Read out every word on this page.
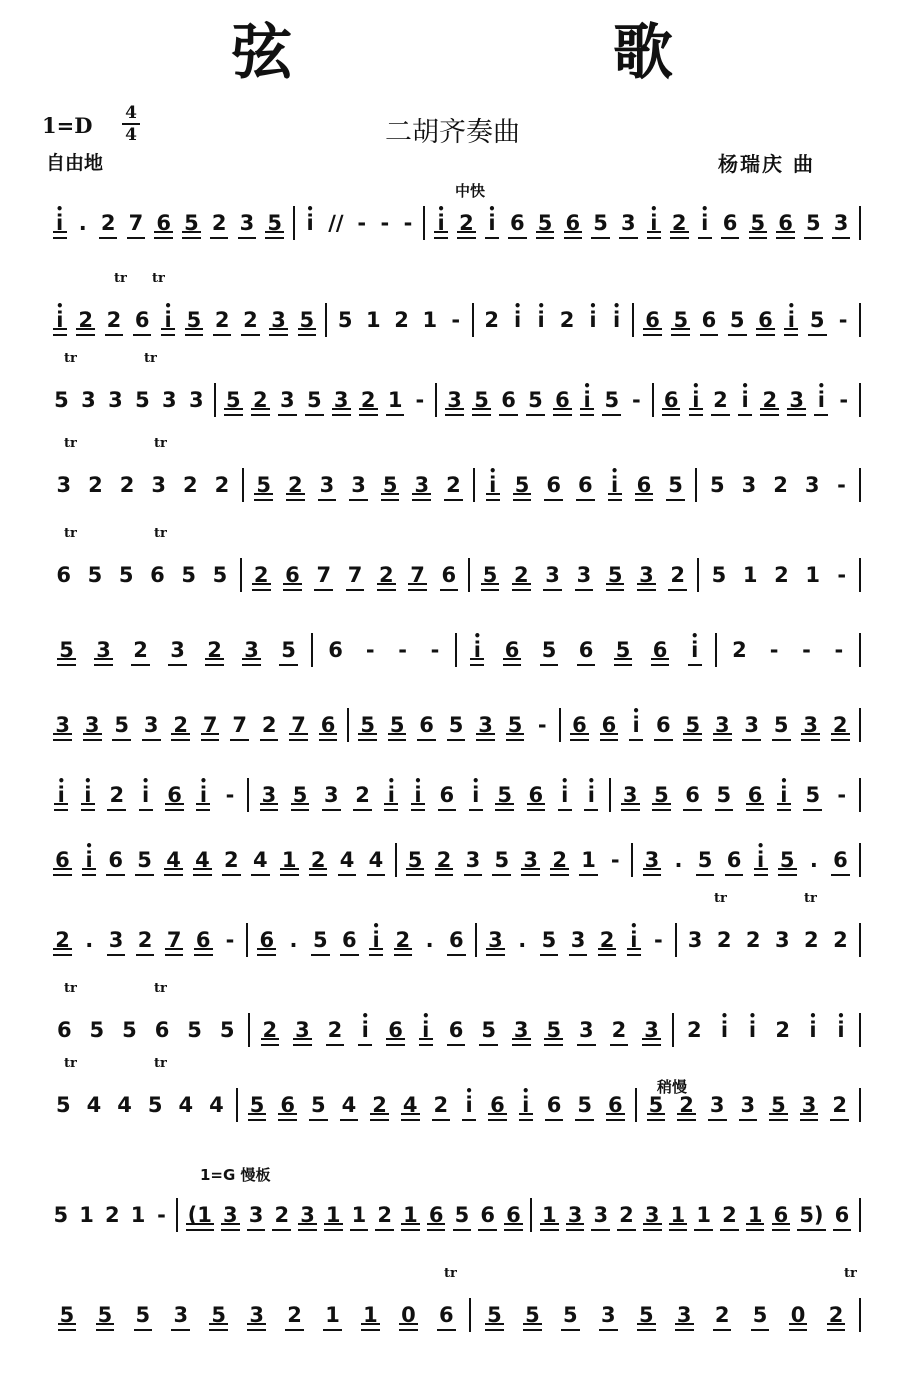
弦 歌
1=D 4
4	二胡齐奏曲
自由地	杨瑞庆 曲
中快
稍慢
1=G 慢板
• i . 2 7 6 5 2 3 5 • i ∕∕ - - - • i 2 • i 6 5 6 5 3 • i 2 • i 6 5 6 5 3
tr tr
• i 2 2 6 • i 5 2 2 3 5 5 1 2 1 - 2 • i • i 2 • i • i 6 5 6 5 6 • i 5 -
tr	tr
5 3 3 5 3 3 5 2 3 5 3 2 1 - 3 5 6 5 6 • i 5 - 6 • i 2 • i 2 3 • i -
tr	tr
3 2 2 3 2 2 5 2 3 3 5 3 2 • i 5 6 6 • i 6 5 5 3 2 3 -
tr	tr
6 5 5 6 5 5 2 6 7 7 2 7 6 5 2 3 3 5 3 2 5 1 2 1 -
5 3 2 3 2 3 5 6 - - - • i 6 5 6 5 6 • i 2 - - -
3 3 5 3 2 7 7 2 7 6 5 5 6 5 3 5 - 6 6 • i 6 5 3 3 5 3 2
• i • i 2 • i 6 • i - 3 5 3 2 • i • i 6 • i 5 6 • i • i 3 5 6 5 6 • i 5 -
6 • i 6 5 4 4 2 4 1 2 4 4 5 2 3 5 3 2 1 - 3 . 5 6 • i 5 . 6
tr	tr
2 . 3 2 7 6 - 6 . 5 6 • i 2 . 6 3 . 5 3 2 • i - 3 2 2 3 2 2
tr	tr
6 5 5 6 5 5 2 3 2 • i 6 • i 6 5 3 5 3 2 3 2 • i • i 2 • i • i
tr	tr
5 4 4 5 4 4 5 6 5 4 2 4 2 • i 6 • i 6 5 6 5 2 3 3 5 3 2
5 1 2 1 - (1 3 3 2 3 1 1 2 1 6 5 6 6 1 3 3 2 3 1 1 2 1 6 5) 6
tr	tr
5 5 5 3 5 3 2 1 1 0 6 5 5 5 3 5 3 2 5 0 2
